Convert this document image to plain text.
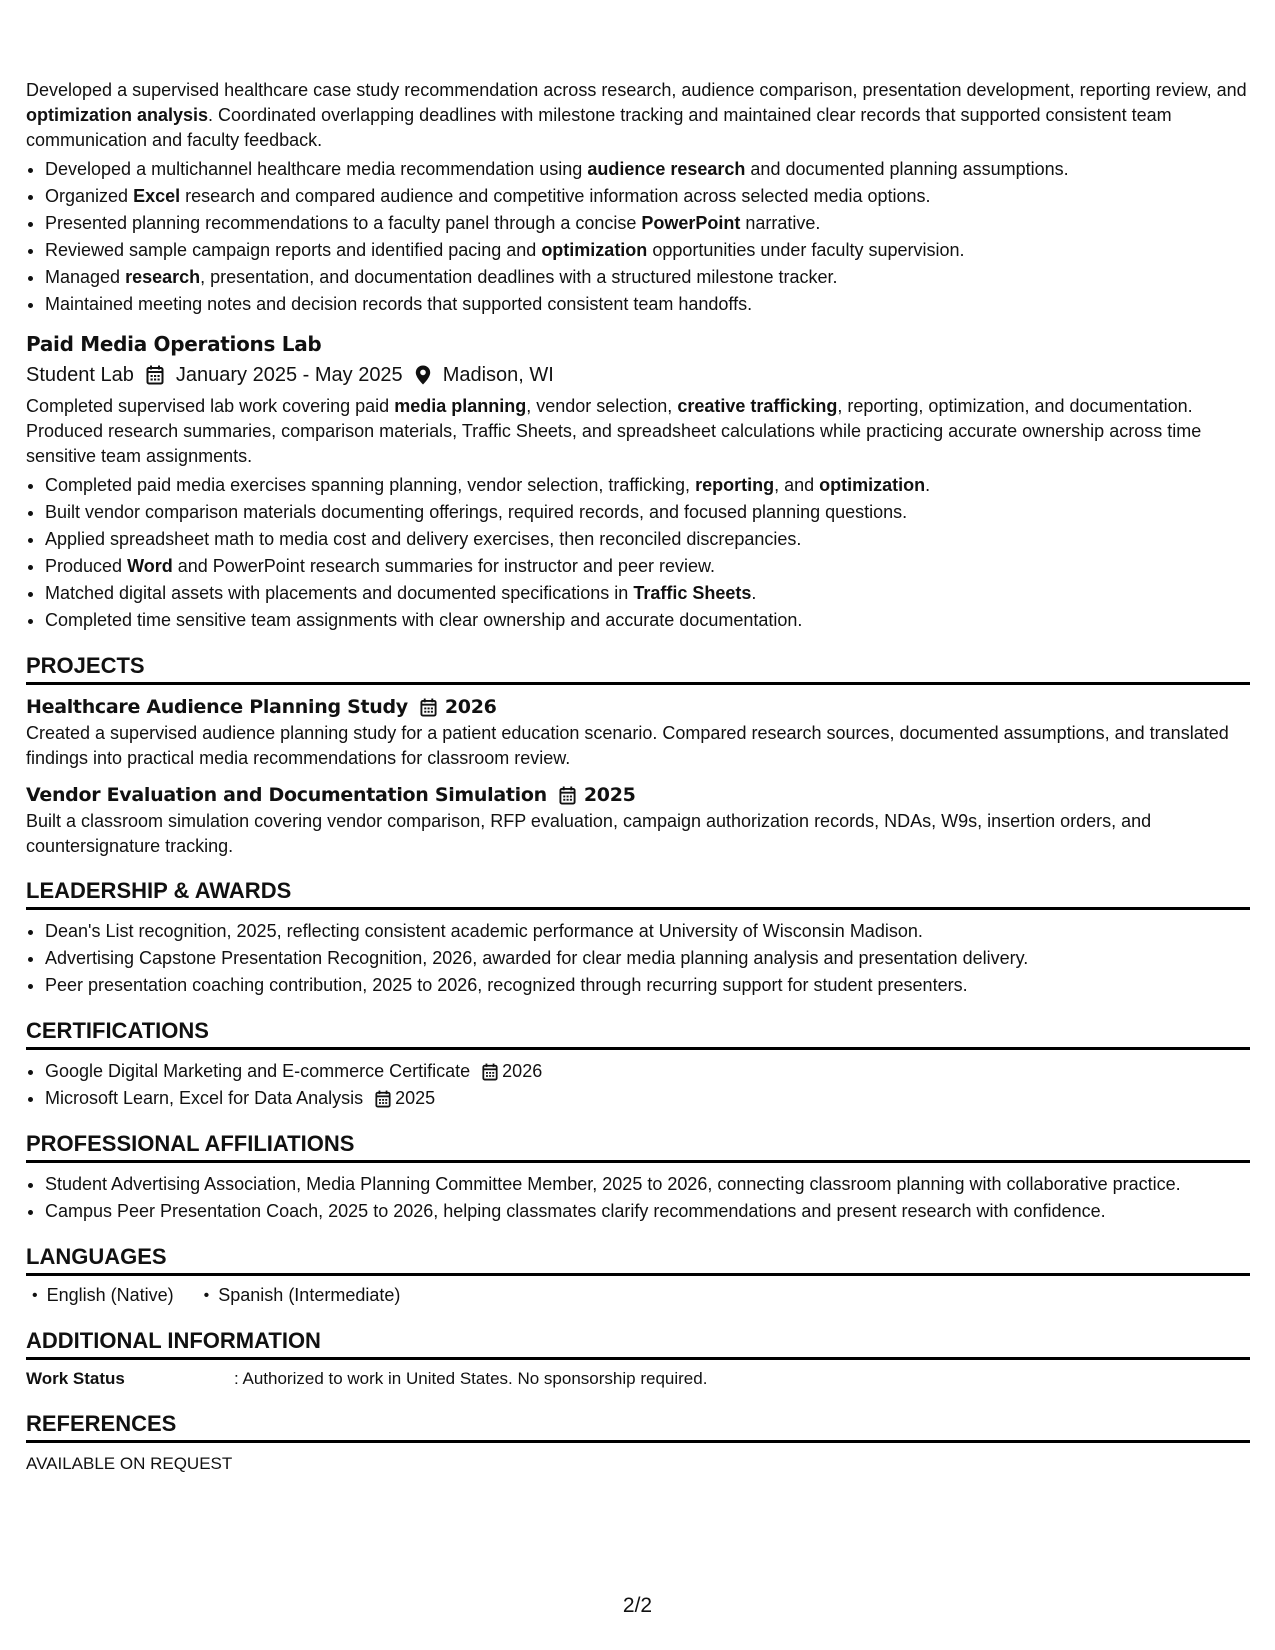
Developed a supervised healthcare case study recommendation across research, audience comparison, presentation development, reporting review, and optimization analysis. Coordinated overlapping deadlines with milestone tracking and maintained clear records that supported consistent team communication and faculty feedback.

• Developed a multichannel healthcare media recommendation using audience research and documented planning assumptions.
• Organized Excel research and compared audience and competitive information across selected media options.
• Presented planning recommendations to a faculty panel through a concise PowerPoint narrative.
• Reviewed sample campaign reports and identified pacing and optimization opportunities under faculty supervision.
• Managed research, presentation, and documentation deadlines with a structured milestone tracker.
• Maintained meeting notes and decision records that supported consistent team handoffs.
Paid Media Operations Lab
Student Lab January 2025 - May 2025 Madison, WI

Completed supervised lab work covering paid media planning, vendor selection, creative trafficking, reporting, optimization, and documentation. Produced research summaries, comparison materials, Traffic Sheets, and spreadsheet calculations while practicing accurate ownership across time sensitive team assignments.

• Completed paid media exercises spanning planning, vendor selection, trafficking, reporting, and optimization.
• Built vendor comparison materials documenting offerings, required records, and focused planning questions.
• Applied spreadsheet math to media cost and delivery exercises, then reconciled discrepancies.
• Produced Word and PowerPoint research summaries for instructor and peer review.
• Matched digital assets with placements and documented specifications in Traffic Sheets.
• Completed time sensitive team assignments with clear ownership and accurate documentation.
PROJECTS
Healthcare Audience Planning Study 2026

Created a supervised audience planning study for a patient education scenario. Compared research sources, documented assumptions, and translated findings into practical media recommendations for classroom review.

Vendor Evaluation and Documentation Simulation 2025

Built a classroom simulation covering vendor comparison, RFP evaluation, campaign authorization records, NDAs, W9s, insertion orders, and countersignature tracking.

LEADERSHIP & AWARDS
• Dean's List recognition, 2025, reflecting consistent academic performance at University of Wisconsin Madison.
• Advertising Capstone Presentation Recognition, 2026, awarded for clear media planning analysis and presentation delivery.
• Peer presentation coaching contribution, 2025 to 2026, recognized through recurring support for student presenters.
CERTIFICATIONS
• Google Digital Marketing and E-commerce Certificate 2026
• Microsoft Learn, Excel for Data Analysis 2025
PROFESSIONAL AFFILIATIONS
• Student Advertising Association, Media Planning Committee Member, 2025 to 2026, connecting classroom planning with collaborative practice.
• Campus Peer Presentation Coach, 2025 to 2026, helping classmates clarify recommendations and present research with confidence.
LANGUAGES
• English (Native)
•	Spanish (Intermediate)
ADDITIONAL INFORMATION
Work Status	: Authorized to work in United States. No sponsorship required.
REFERENCES
AVAILABLE ON REQUEST
2/2
